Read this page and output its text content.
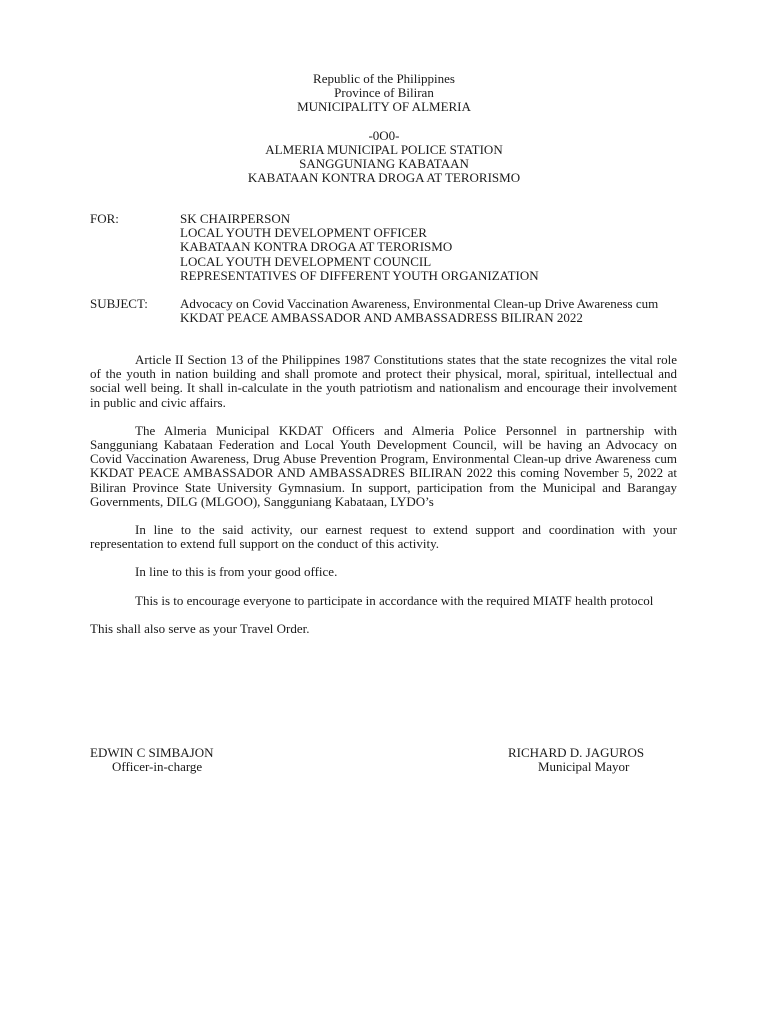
Republic of the Philippines
Province of Biliran
MUNICIPALITY OF ALMERIA
-0O0-
ALMERIA MUNICIPAL POLICE STATION
SANGGUNIANG KABATAAN
KABATAAN KONTRA DROGA AT TERORISMO
FOR:	SK CHAIRPERSON
LOCAL YOUTH DEVELOPMENT OFFICER
KABATAAN KONTRA DROGA AT TERORISMO
LOCAL YOUTH DEVELOPMENT COUNCIL
REPRESENTATIVES OF DIFFERENT YOUTH ORGANIZATION
SUBJECT:	Advocacy on Covid Vaccination Awareness, Environmental Clean-up Drive Awareness cum KKDAT PEACE AMBASSADOR AND AMBASSADRESS BILIRAN 2022

Article II Section 13 of the Philippines 1987 Constitutions states that the state recognizes the vital role of the youth in nation building and shall promote and protect their physical, moral, spiritual, intellectual and social well being. It shall in-calculate in the youth patriotism and nationalism and encourage their involvement in public and civic affairs.

The Almeria Municipal KKDAT Officers and Almeria Police Personnel in partnership with Sangguniang Kabataan Federation and Local Youth Development Council, will be having an Advocacy on Covid Vaccination Awareness, Drug Abuse Prevention Program, Environmental Clean-up drive Awareness cum KKDAT PEACE AMBASSADOR AND AMBASSADRES BILIRAN 2022 this coming November 5, 2022 at Biliran Province State University Gymnasium. In support, participation from the Municipal and Barangay Governments, DILG (MLGOO), Sangguniang Kabataan, LYDO’s

In line to the said activity, our earnest request to extend support and coordination with your representation to extend full support on the conduct of this activity.

In line to this is from your good office.

This is to encourage everyone to participate in accordance with the required MIATF health protocol

This shall also serve as your Travel Order.

EDWIN C SIMBAJON
Officer-in-charge
RICHARD D. JAGUROS
Municipal Mayor
